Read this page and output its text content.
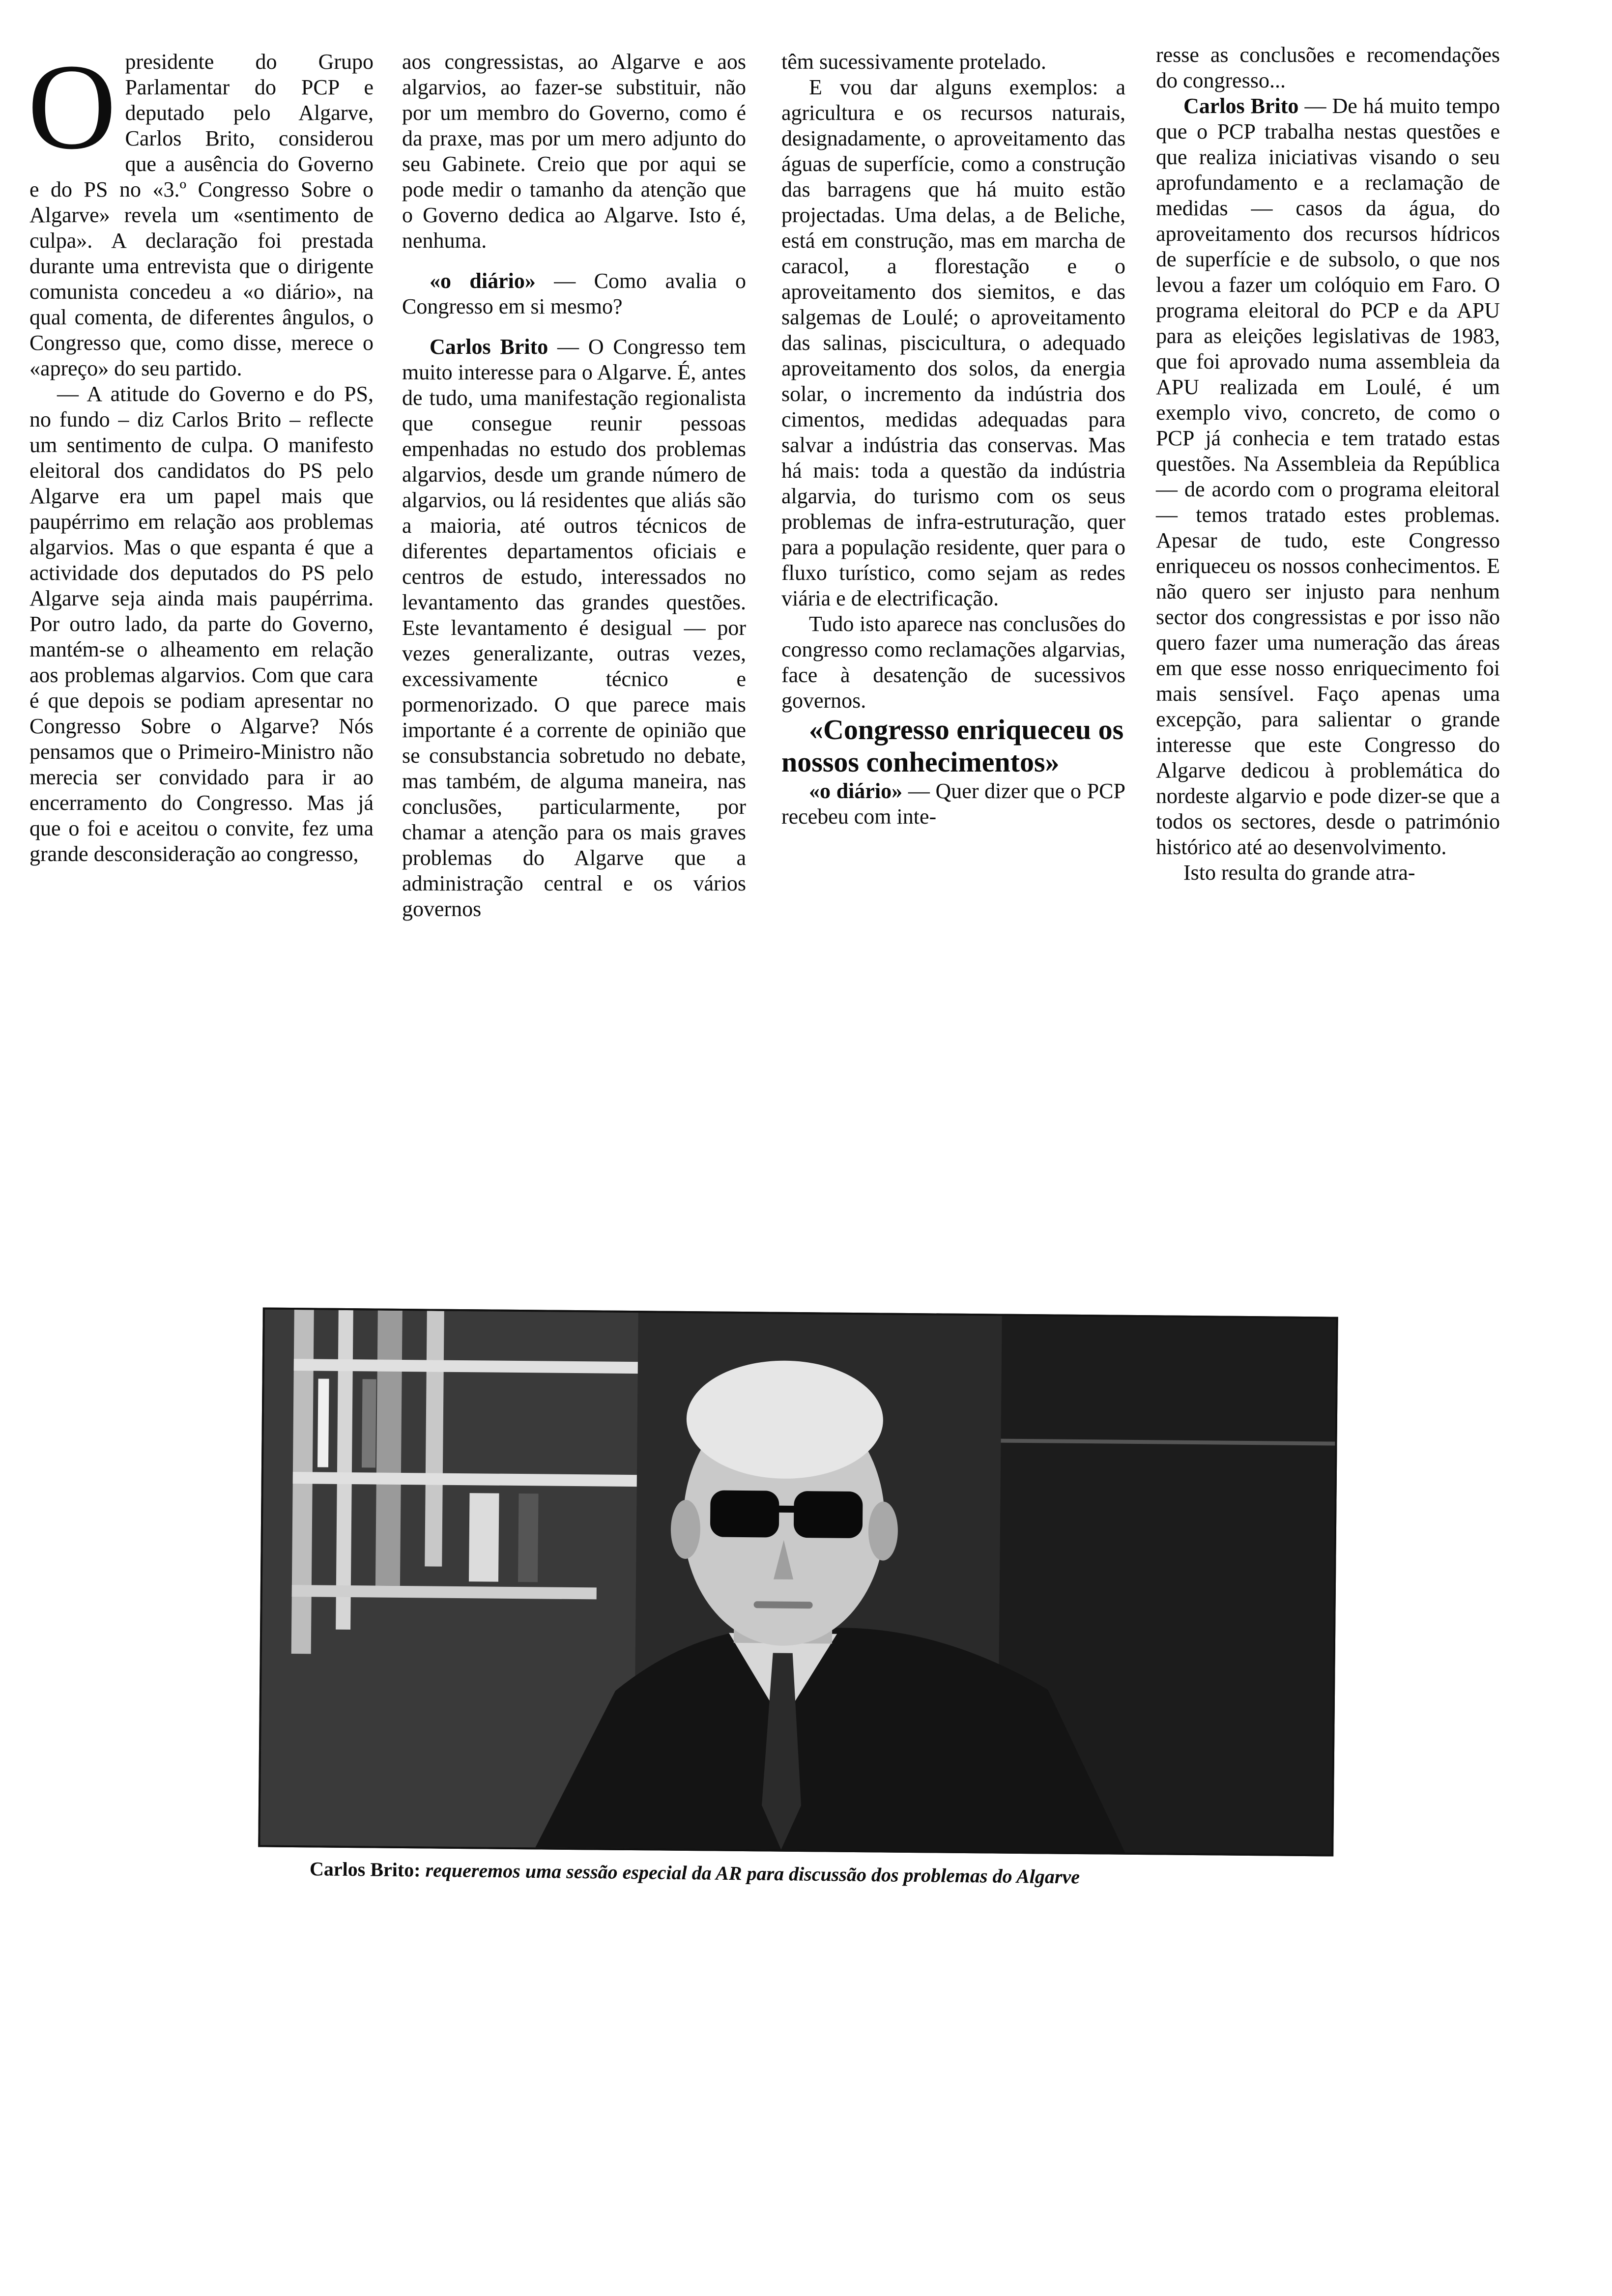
Opresidente do Grupo Parlamentar do PCP e deputado pelo Algarve, Carlos Brito, considerou que a ausência do Governo e do PS no «3.º Congresso Sobre o Algarve» revela um «sentimento de culpa». A declaração foi prestada durante uma entrevista que o dirigente comunista concedeu a «o diário», na qual comenta, de diferentes ângulos, o Congresso que, como disse, merece o «apreço» do seu partido.

— A atitude do Governo e do PS, no fundo – diz Carlos Brito – reflecte um sentimento de culpa. O manifesto eleitoral dos candidatos do PS pelo Algarve era um papel mais que paupérrimo em relação aos problemas algarvios. Mas o que espanta é que a actividade dos deputados do PS pelo Algarve seja ainda mais paupérrima. Por outro lado, da parte do Governo, mantém-se o alheamento em relação aos problemas algarvios. Com que cara é que depois se podiam apresentar no Congresso Sobre o Algarve? Nós pensamos que o Primeiro-Ministro não merecia ser convidado para ir ao encerramento do Congresso. Mas já que o foi e aceitou o convite, fez uma grande desconsideração ao congresso,

aos congressistas, ao Algarve e aos algarvios, ao fazer-se substituir, não por um membro do Governo, como é da praxe, mas por um mero adjunto do seu Gabinete. Creio que por aqui se pode medir o tamanho da atenção que o Governo dedica ao Algarve. Isto é, nenhuma.

«o diário» — Como avalia o Congresso em si mesmo?

Carlos Brito — O Congresso tem muito interesse para o Algarve. É, antes de tudo, uma manifestação regionalista que consegue reunir pessoas empenhadas no estudo dos problemas algarvios, desde um grande número de algarvios, ou lá residentes que aliás são a maioria, até outros técnicos de diferentes departamentos oficiais e centros de estudo, interessados no levantamento das grandes questões. Este levantamento é desigual — por vezes generalizante, outras vezes, excessivamente técnico e pormenorizado. O que parece mais importante é a corrente de opinião que se consubstancia sobretudo no debate, mas também, de alguma maneira, nas conclusões, particularmente, por chamar a atenção para os mais graves problemas do Algarve que a administração central e os vários governos

têm sucessivamente protelado.

E vou dar alguns exemplos: a agricultura e os recursos naturais, designadamente, o aproveitamento das águas de superfície, como a construção das barragens que há muito estão projectadas. Uma delas, a de Beliche, está em construção, mas em marcha de caracol, a florestação e o aproveitamento dos siemitos, e das salgemas de Loulé; o aproveitamento das salinas, piscicultura, o adequado aproveitamento dos solos, da energia solar, o incremento da indústria dos cimentos, medidas adequadas para salvar a indústria das conservas. Mas há mais: toda a questão da indústria algarvia, do turismo com os seus problemas de infra-estruturação, quer para a população residente, quer para o fluxo turístico, como sejam as redes viária e de electrificação.

Tudo isto aparece nas conclusões do congresso como reclamações algarvias, face à desatenção de sucessivos governos.

«Congresso enriqueceu os nossos conhecimentos»

«o diário» — Quer dizer que o PCP recebeu com inte-

resse as conclusões e recomendações do congresso...

Carlos Brito — De há muito tempo que o PCP trabalha nestas questões e que realiza iniciativas visando o seu aprofundamento e a reclamação de medidas — casos da água, do aproveitamento dos recursos hídricos de superfície e de subsolo, o que nos levou a fazer um colóquio em Faro. O programa eleitoral do PCP e da APU para as eleições legislativas de 1983, que foi aprovado numa assembleia da APU realizada em Loulé, é um exemplo vivo, concreto, de como o PCP já conhecia e tem tratado estas questões. Na Assembleia da República — de acordo com o programa eleitoral — temos tratado estes problemas. Apesar de tudo, este Congresso enriqueceu os nossos conhecimentos. E não quero ser injusto para nenhum sector dos congressistas e por isso não quero fazer uma numeração das áreas em que esse nosso enriquecimento foi mais sensível. Faço apenas uma excepção, para salientar o grande interesse que este Congresso do Algarve dedicou à problemática do nordeste algarvio e pode dizer-se que a todos os sectores, desde o património histórico até ao desenvolvimento.

Isto resulta do grande atra-

Carlos Brito: requeremos uma sessão especial da AR para discussão dos problemas do Algarve
